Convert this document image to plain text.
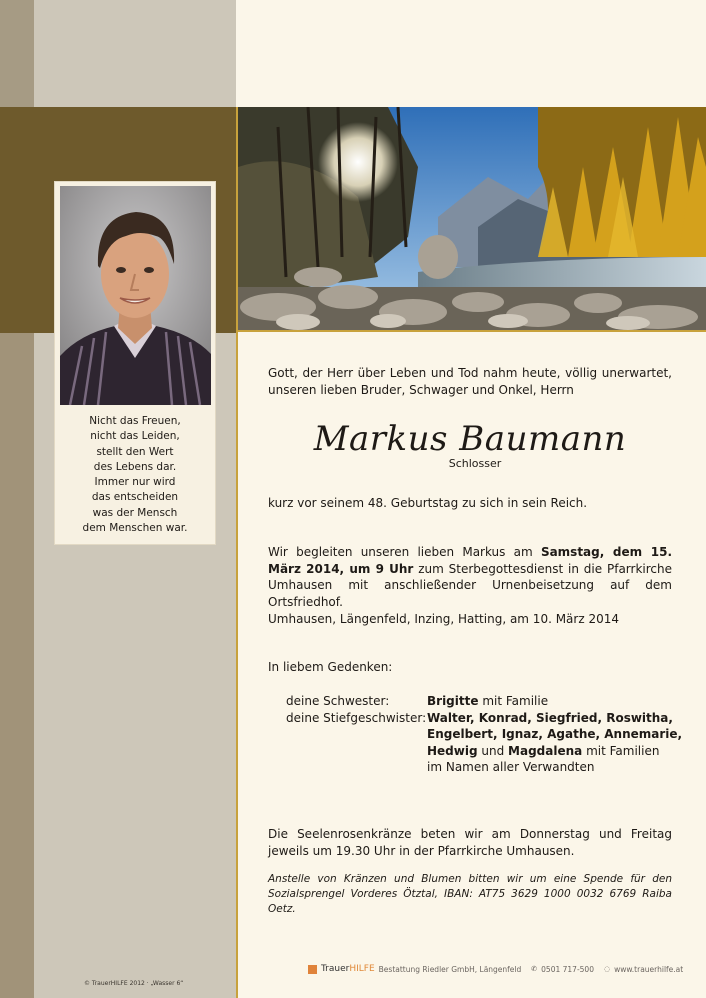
Nicht das Freuen,
nicht das Leiden,
stellt den Wert
des Lebens dar.
Immer nur wird
das entscheiden
was der Mensch
dem Menschen war.
Gott, der Herr über Leben und Tod nahm heute, völlig unerwartet, unseren lieben Bruder, Schwager und Onkel, Herrn
Markus Baumann
Schlosser
kurz vor seinem 48. Geburtstag zu sich in sein Reich.
Wir begleiten unseren lieben Markus am Samstag, dem 15. März 2014, um 9 Uhr zum Sterbegottesdienst in die Pfarrkirche Umhausen mit anschließender Urnenbeisetzung auf dem Ortsfriedhof.
Umhausen, Längenfeld, Inzing, Hatting, am 10. März 2014
In liebem Gedenken:
deine Schwester:	Brigitte mit Familie
deine Stiefgeschwister: Walter, Konrad, Siegfried, Roswitha,
Engelbert, Ignaz, Agathe, Annemarie,
Hedwig und Magdalena mit Familien
im Namen aller Verwandten
Die Seelenrosenkränze beten wir am Donnerstag und Freitag jeweils um 19.30 Uhr in der Pfarrkirche Umhausen.
Anstelle von Kränzen und Blumen bitten wir um eine Spende für den Sozialsprengel Vorderes Ötztal, IBAN: AT75 3629 1000 0032 6769 Raiba Oetz.
© TrauerHILFE 2012 · „Wasser 6“
TrauerHILFE Bestattung Riedler GmbH, Längenfeld ✆ 0501 717-500 ◌ www.trauerhilfe.at
